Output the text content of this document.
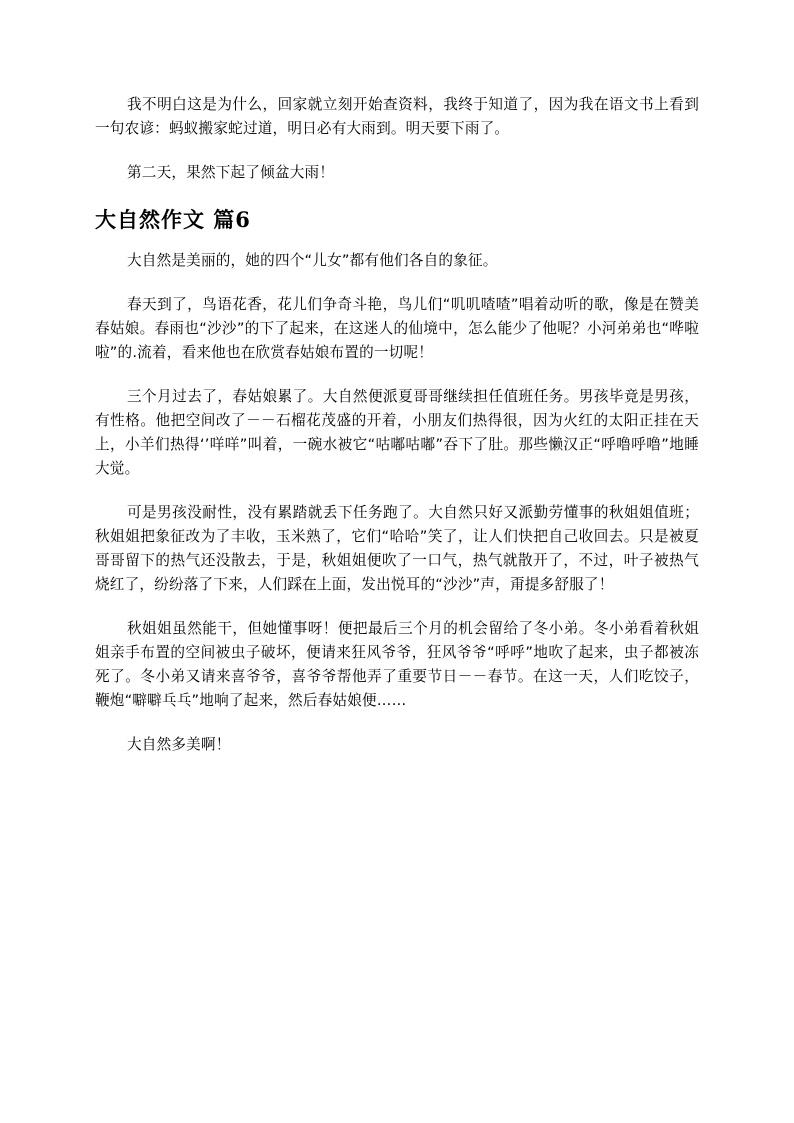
我不明白这是为什么，回家就立刻开始查资料，我终于知道了，因为我在语文书上看到一句农谚：蚂蚁搬家蛇过道，明日必有大雨到。明天要下雨了。

第二天，果然下起了倾盆大雨！

大自然作文 篇6

大自然是美丽的，她的四个“儿女”都有他们各自的象征。

春天到了，鸟语花香，花儿们争奇斗艳，鸟儿们“叽叽喳喳”唱着动听的歌，像是在赞美春姑娘。春雨也“沙沙”的下了起来，在这迷人的仙境中，怎么能少了他呢？小河弟弟也“哗啦啦”的.流着，看来他也在欣赏春姑娘布置的一切呢！

三个月过去了，春姑娘累了。大自然便派夏哥哥继续担任值班任务。男孩毕竟是男孩，有性格。他把空间改了－－石榴花茂盛的开着，小朋友们热得很，因为火红的太阳正挂在天上，小羊们热得‘’咩咩”叫着，一碗水被它“咕嘟咕嘟”吞下了肚。那些懒汉正“呼噜呼噜”地睡大觉。

可是男孩没耐性，没有累踏就丢下任务跑了。大自然只好又派勤劳懂事的秋姐姐值班；秋姐姐把象征改为了丰收，玉米熟了，它们“哈哈”笑了，让人们快把自己收回去。只是被夏哥哥留下的热气还没散去，于是，秋姐姐便吹了一口气，热气就散开了，不过，叶子被热气烧红了，纷纷落了下来，人们踩在上面，发出悦耳的“沙沙”声，甭提多舒服了！

秋姐姐虽然能干，但她懂事呀！便把最后三个月的机会留给了冬小弟。冬小弟看着秋姐姐亲手布置的空间被虫子破坏，便请来狂风爷爷，狂风爷爷“呼呼”地吹了起来，虫子都被冻死了。冬小弟又请来喜爷爷，喜爷爷帮他弄了重要节日－－春节。在这一天，人们吃饺子，鞭炮“噼噼乓乓”地响了起来，然后春姑娘便……

大自然多美啊！
